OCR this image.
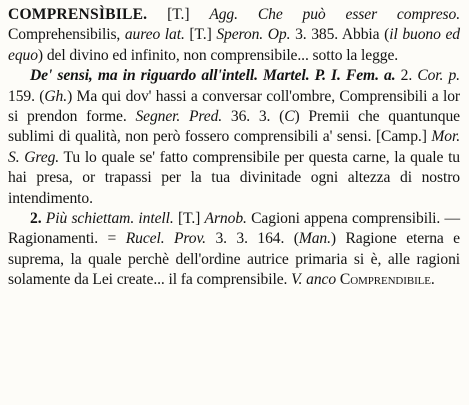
COMPRENSÌBILE. [T.] Agg. Che può esser compreso. Comprehensibilis, aureo lat. [T.] Speron. Op. 3. 385. Abbia (il buono ed equo) del divino ed infinito, non comprensibile... sotto la legge.

De' sensi, ma in riguardo all'intell. Martel. P. I. Fem. a. 2. Cor. p. 159. (Gh.) Ma qui dov' hassi a conversar coll'ombre, Comprensibili a lor si prendon forme. Segner. Pred. 36. 3. (C) Premii che quantunque sublimi di qualità, non però fossero comprensibili a' sensi. [Camp.] Mor. S. Greg. Tu lo quale se' fatto comprensibile per questa carne, la quale tu hai presa, or trapassi per la tua divinitade ogni altezza di nostro intendimento.

2. Più schiettam. intell. [T.] Arnob. Cagioni appena comprensibili. — Ragionamenti. = Rucel. Prov. 3. 3. 164. (Man.) Ragione eterna e suprema, la quale perchè dell'ordine autrice primaria si è, alle ragioni solamente da Lei create... il fa comprensibile. V. anco Comprendibile.
